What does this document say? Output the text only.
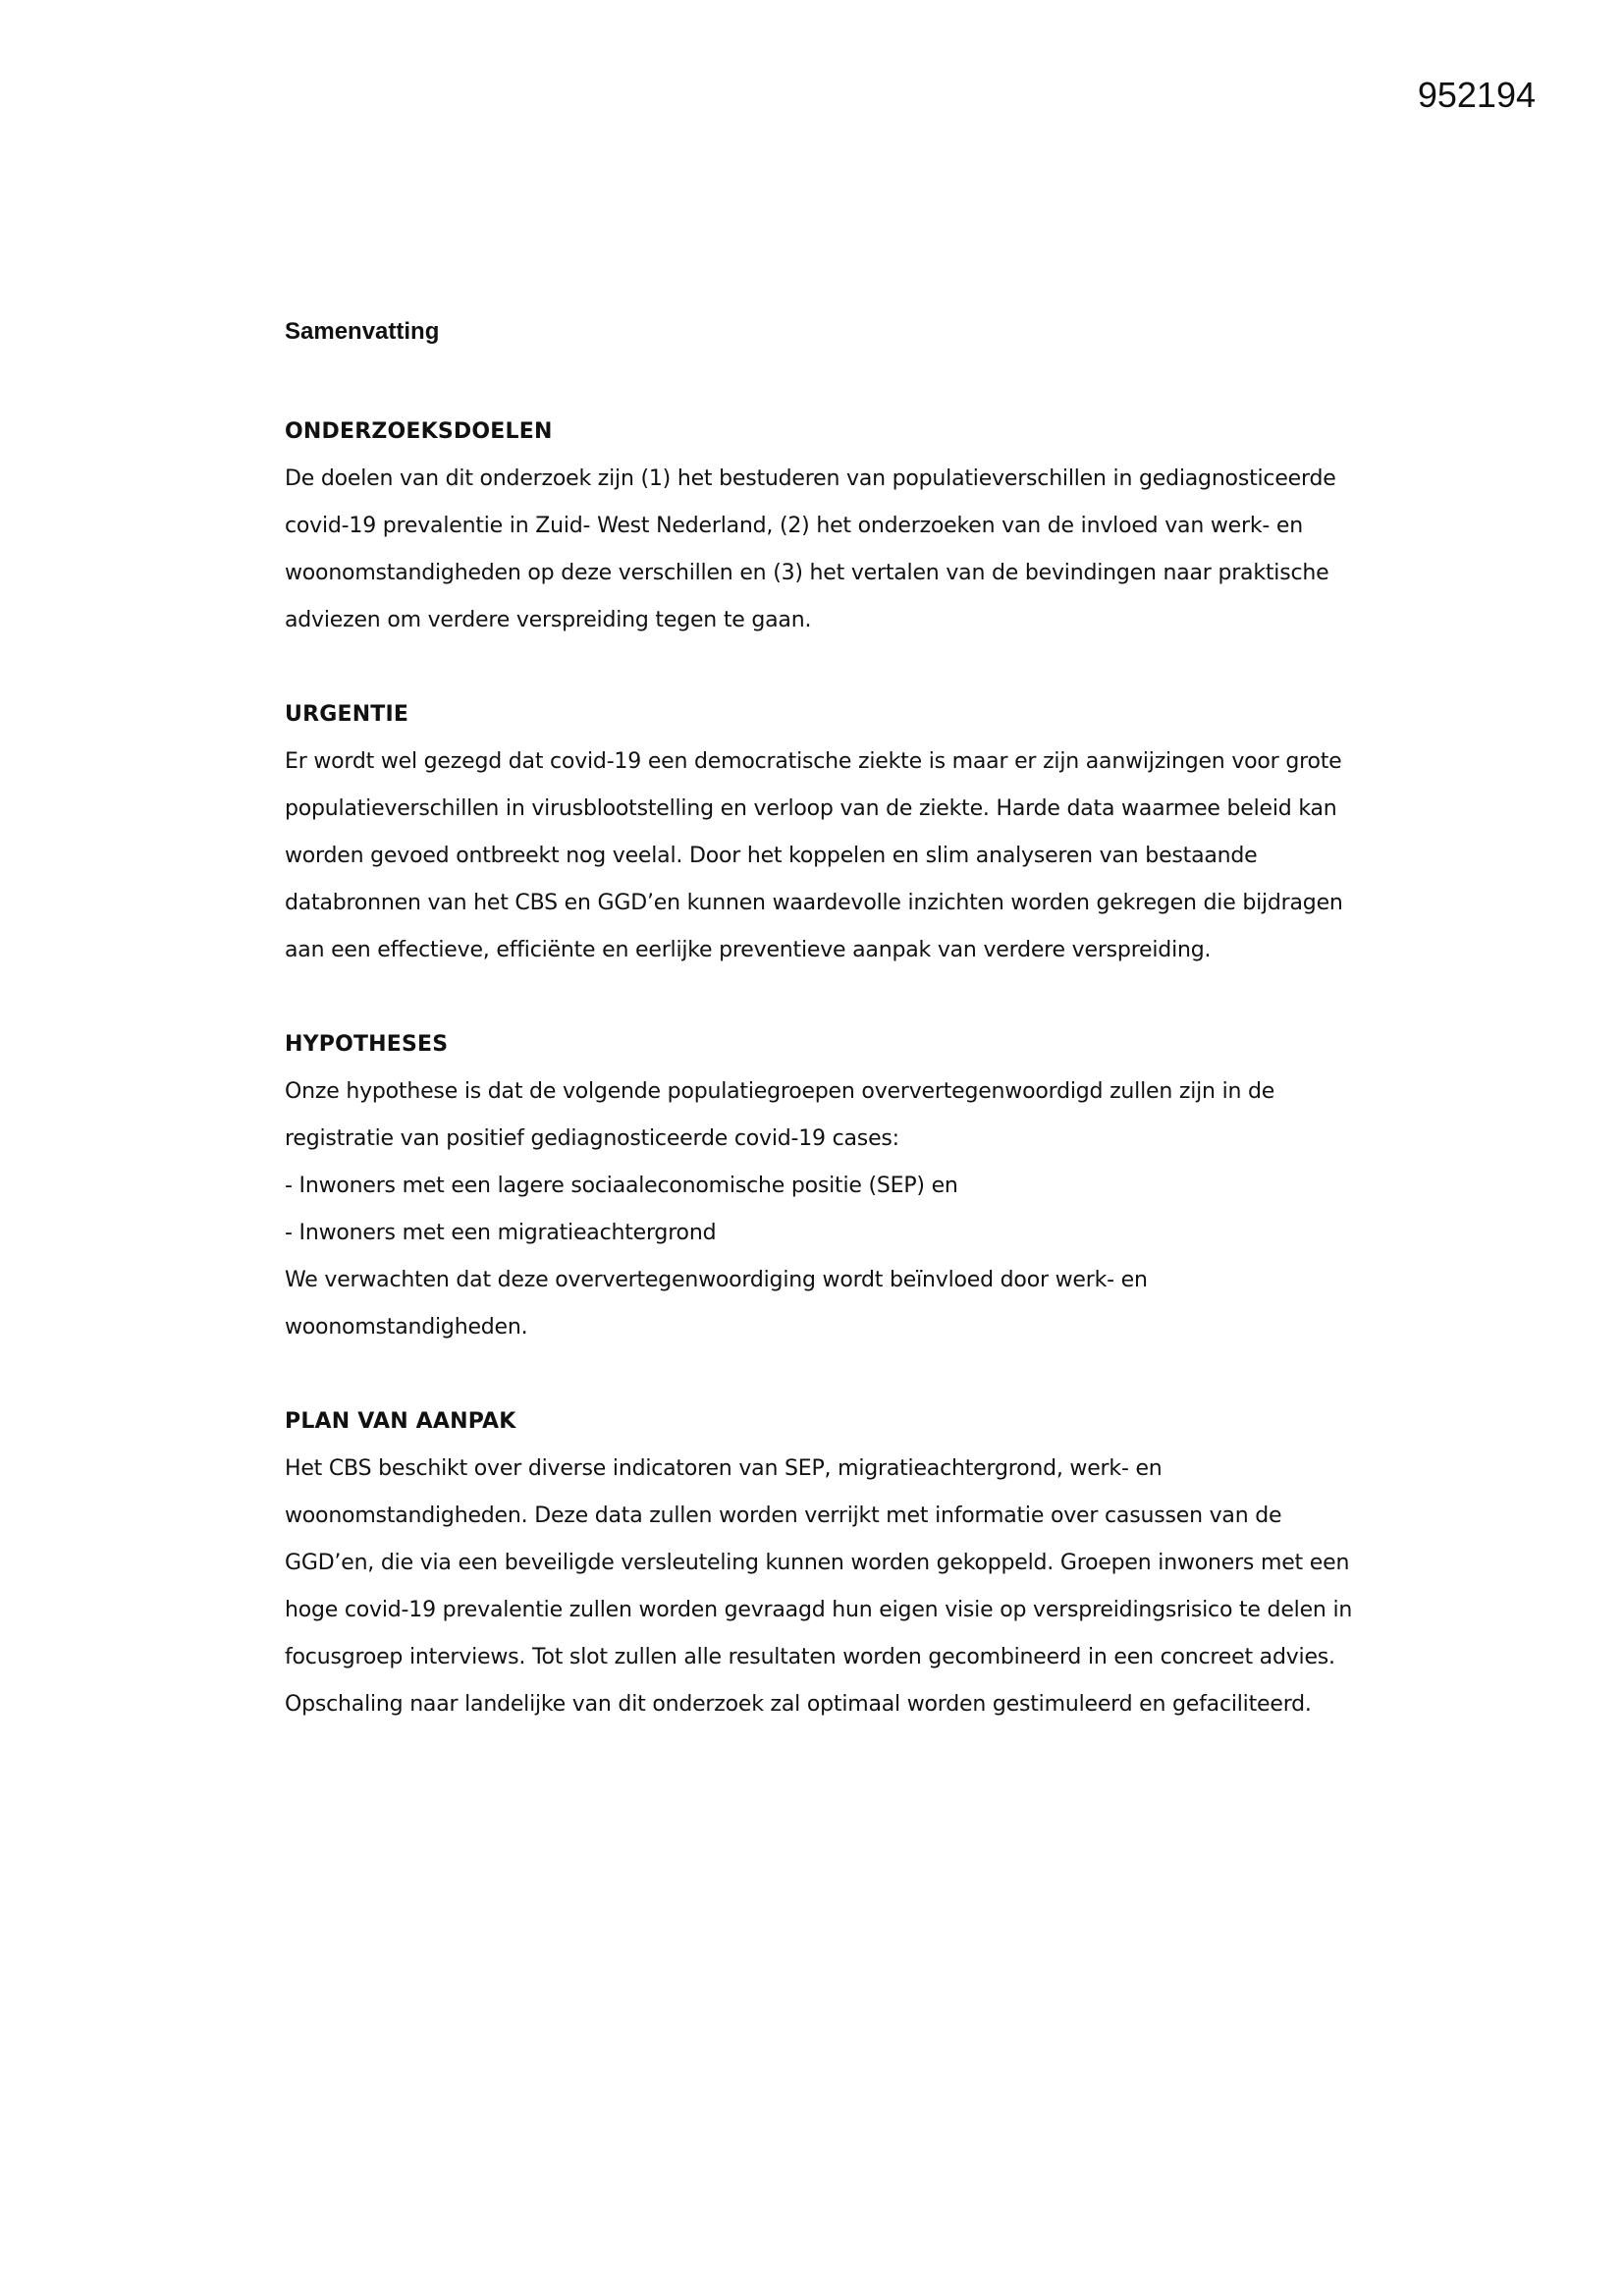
952194
Samenvatting
ONDERZOEKSDOELEN

De doelen van dit onderzoek zijn (1) het bestuderen van populatieverschillen in gediagnosticeerde
covid-19 prevalentie in Zuid- West Nederland, (2) het onderzoeken van de invloed van werk- en
woonomstandigheden op deze verschillen en (3) het vertalen van de bevindingen naar praktische
adviezen om verdere verspreiding tegen te gaan.

URGENTIE

Er wordt wel gezegd dat covid-19 een democratische ziekte is maar er zijn aanwijzingen voor grote
populatieverschillen in virusblootstelling en verloop van de ziekte. Harde data waarmee beleid kan
worden gevoed ontbreekt nog veelal. Door het koppelen en slim analyseren van bestaande
databronnen van het CBS en GGD’en kunnen waardevolle inzichten worden gekregen die bijdragen
aan een effectieve, efficiënte en eerlijke preventieve aanpak van verdere verspreiding.

HYPOTHESES

Onze hypothese is dat de volgende populatiegroepen oververtegenwoordigd zullen zijn in de
registratie van positief gediagnosticeerde covid-19 cases:
- Inwoners met een lagere sociaaleconomische positie (SEP) en
- Inwoners met een migratieachtergrond
We verwachten dat deze oververtegenwoordiging wordt beïnvloed door werk- en
woonomstandigheden.

PLAN VAN AANPAK

Het CBS beschikt over diverse indicatoren van SEP, migratieachtergrond, werk- en
woonomstandigheden. Deze data zullen worden verrijkt met informatie over casussen van de
GGD’en, die via een beveiligde versleuteling kunnen worden gekoppeld. Groepen inwoners met een
hoge covid-19 prevalentie zullen worden gevraagd hun eigen visie op verspreidingsrisico te delen in
focusgroep interviews. Tot slot zullen alle resultaten worden gecombineerd in een concreet advies.
Opschaling naar landelijke van dit onderzoek zal optimaal worden gestimuleerd en gefaciliteerd.
